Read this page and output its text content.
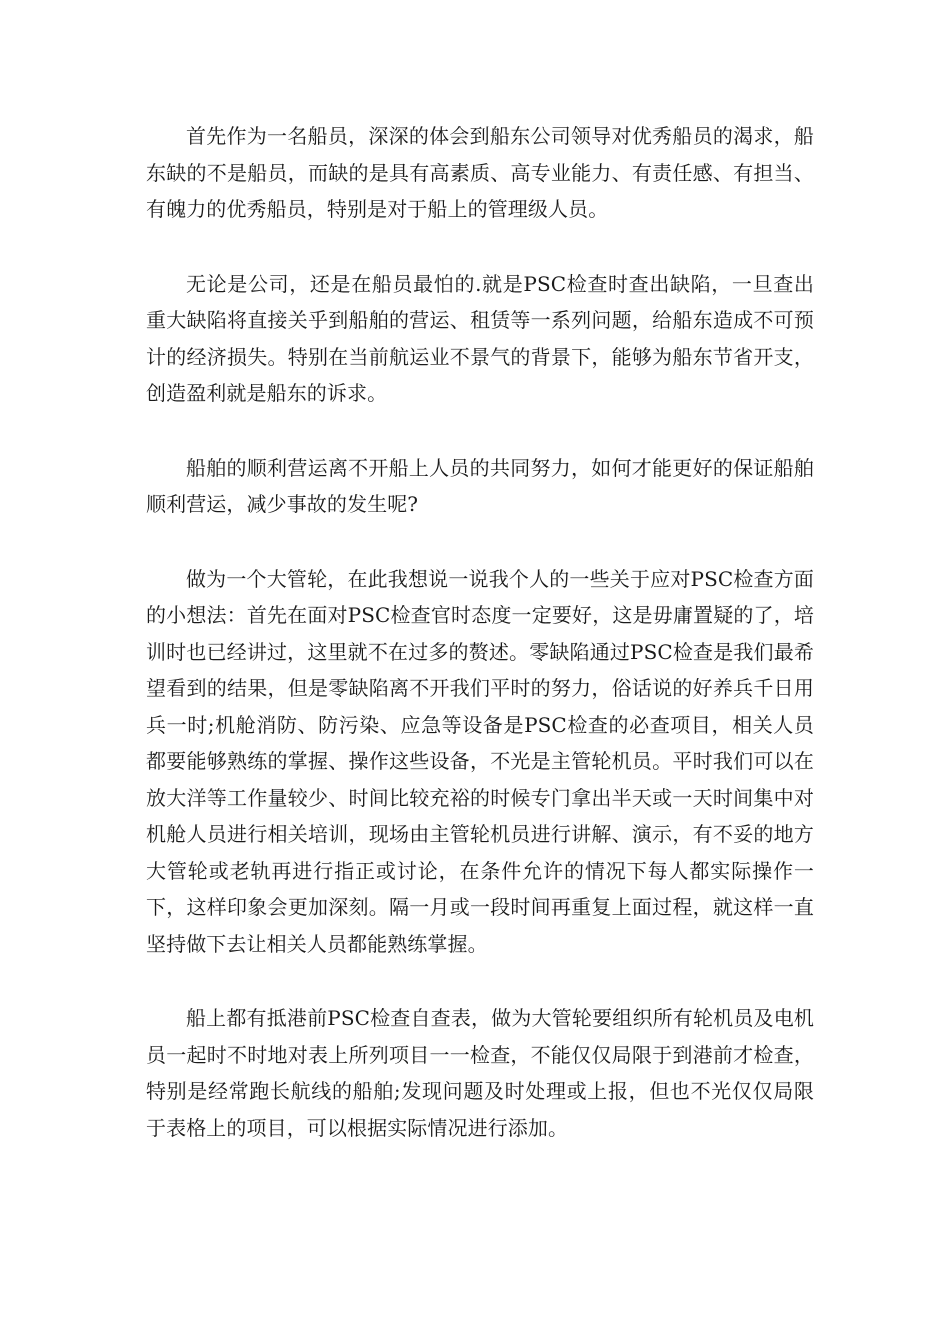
首先作为一名船员，深深的体会到船东公司领导对优秀船员的渴求，船东缺的不是船员，而缺的是具有高素质、高专业能力、有责任感、有担当、有魄力的优秀船员，特别是对于船上的管理级人员。

无论是公司，还是在船员最怕的.就是PSC检查时查出缺陷，一旦查出重大缺陷将直接关乎到船舶的营运、租赁等一系列问题，给船东造成不可预计的经济损失。特别在当前航运业不景气的背景下，能够为船东节省开支，创造盈利就是船东的诉求。

船舶的顺利营运离不开船上人员的共同努力，如何才能更好的保证船舶顺利营运，减少事故的发生呢?

做为一个大管轮，在此我想说一说我个人的一些关于应对PSC检查方面的小想法：首先在面对PSC检查官时态度一定要好，这是毋庸置疑的了，培训时也已经讲过，这里就不在过多的赘述。零缺陷通过PSC检查是我们最希望看到的结果，但是零缺陷离不开我们平时的努力，俗话说的好养兵千日用兵一时;机舱消防、防污染、应急等设备是PSC检查的必查项目，相关人员都要能够熟练的掌握、操作这些设备，不光是主管轮机员。平时我们可以在放大洋等工作量较少、时间比较充裕的时候专门拿出半天或一天时间集中对机舱人员进行相关培训，现场由主管轮机员进行讲解、演示，有不妥的地方大管轮或老轨再进行指正或讨论，在条件允许的情况下每人都实际操作一下，这样印象会更加深刻。隔一月或一段时间再重复上面过程，就这样一直坚持做下去让相关人员都能熟练掌握。

船上都有抵港前PSC检查自查表，做为大管轮要组织所有轮机员及电机员一起时不时地对表上所列项目一一检查，不能仅仅局限于到港前才检查，特别是经常跑长航线的船舶;发现问题及时处理或上报，但也不光仅仅局限于表格上的项目，可以根据实际情况进行添加。
